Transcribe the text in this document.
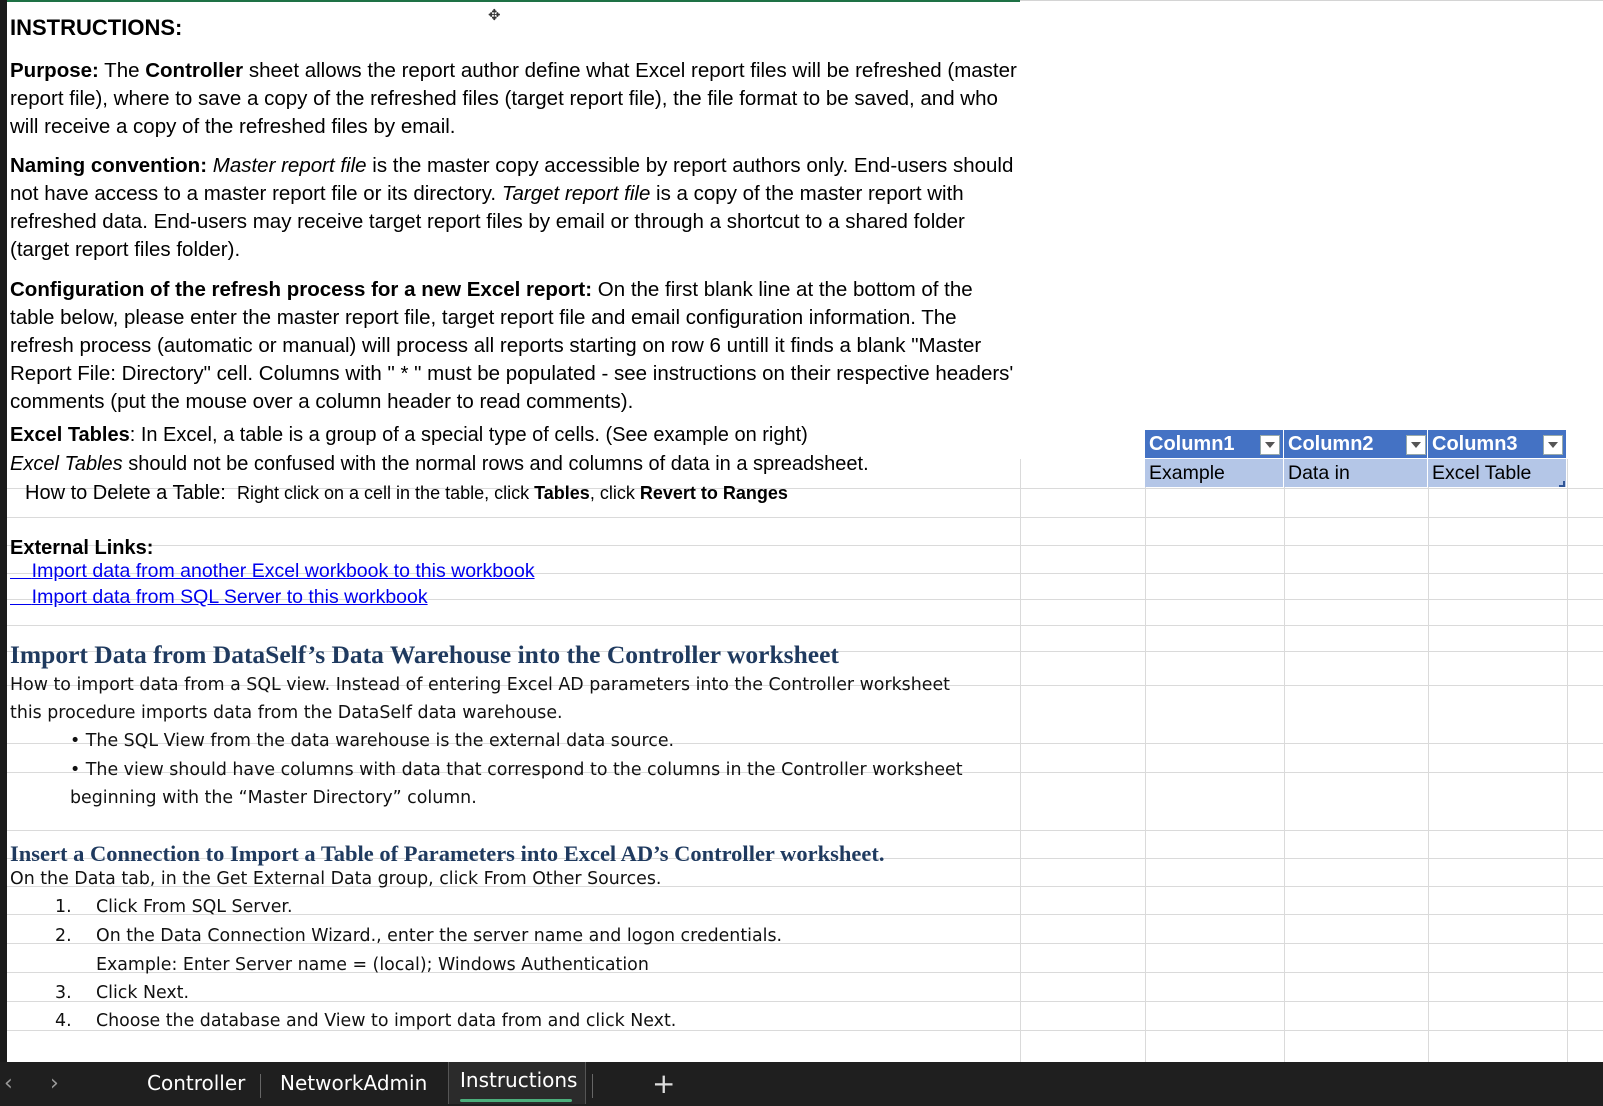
✥
INSTRUCTIONS:
Purpose: The Controller sheet allows the report author define what Excel report files will be refreshed (master report file), where to save a copy of the refreshed files (target report file), the file format to be saved, and who will receive a copy of the refreshed files by email.
Naming convention: Master report file is the master copy accessible by report authors only. End-users should not have access to a master report file or its directory. Target report file is a copy of the master report with refreshed data. End-users may receive target report files by email or through a shortcut to a shared folder (target report files folder).
Configuration of the refresh process for a new Excel report: On the first blank line at the bottom of the table below, please enter the master report file, target report file and email configuration information. The refresh process (automatic or manual) will process all reports starting on row 6 untill it finds a blank "Master Report File: Directory" cell. Columns with " * " must be populated - see instructions on their respective headers' comments (put the mouse over a column header to read comments).
Excel Tables: In Excel, a table is a group of a special type of cells. (See example on right)
Excel Tables should not be confused with the normal rows and columns of data in a spreadsheet.
How to Delete a Table: Right click on a cell in the table, click Tables, click Revert to Ranges
External Links:
Import data from another Excel workbook to this workbook
Import data from SQL Server to this workbook
Import Data from DataSelf’s Data Warehouse into the Controller worksheet
How to import data from a SQL view. Instead of entering Excel AD parameters into the Controller worksheet
this procedure imports data from the DataSelf data warehouse.
• The SQL View from the data warehouse is the external data source.
• The view should have columns with data that correspond to the columns in the Controller worksheet
beginning with the “Master Directory” column.
Insert a Connection to Import a Table of Parameters into Excel AD’s Controller worksheet.
On the Data tab, in the Get External Data group, click From Other Sources.
1. Click From SQL Server.
2. On the Data Connection Wizard., enter the server name and logon credentials.
Example: Enter Server name = (local); Windows Authentication
3. Click Next.
4. Choose the database and View to import data from and click Next.
Column1	Column2	Column3
Example	Data in	Excel Table
‹ ›	Controller NetworkAdmin Instructions	+
